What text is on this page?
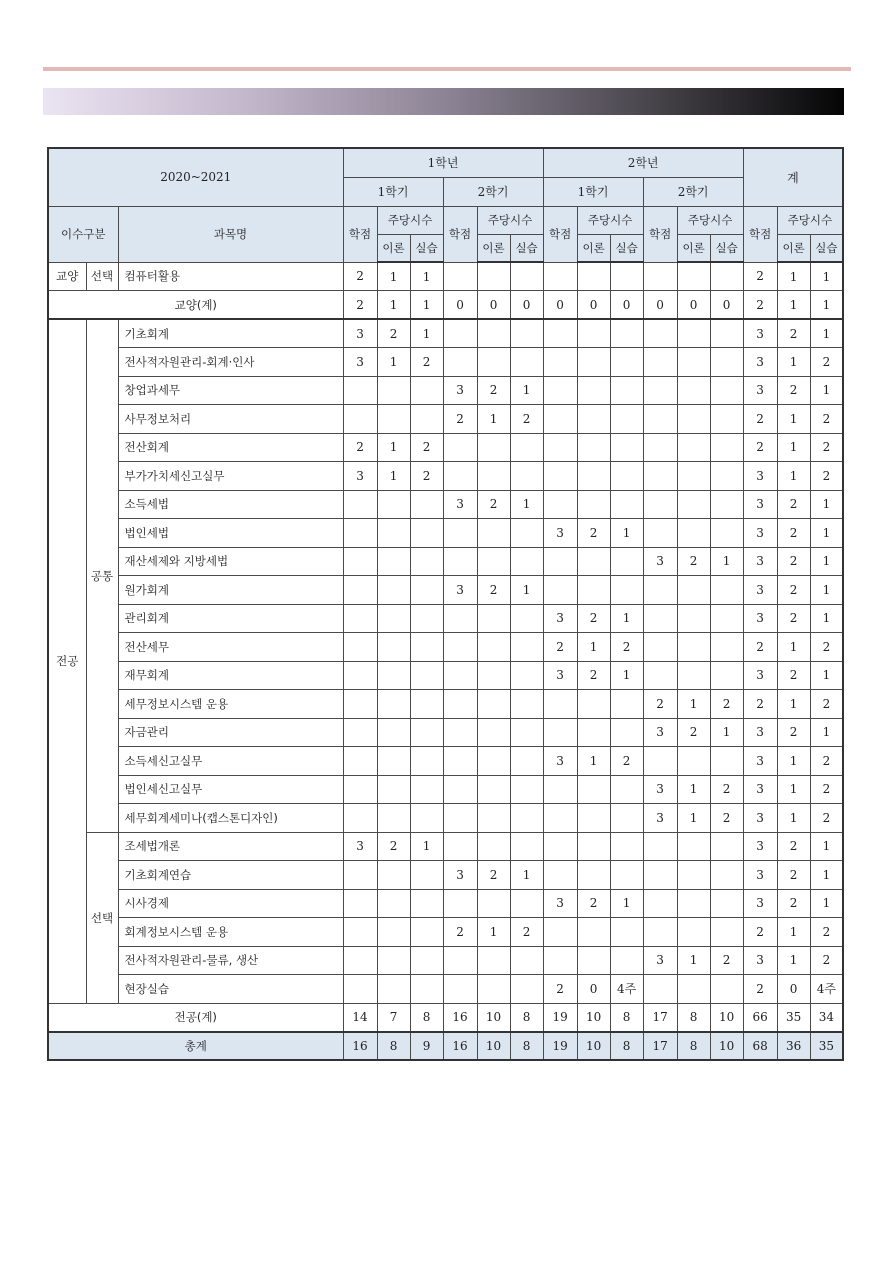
2020~2021			1학년						2학년						계		
			1학기			2학기			1학기			2학기					
이수구분		과목명	학점	주당시수		학점	주당시수		학점	주당시수		학점	주당시수		학점	주당시수	
				이론	실습		이론	실습		이론	실습		이론	실습		이론	실습
교양	선택	컴퓨터활용	2	1	1										2	1	1
교양(계)			2	1	1	0	0	0	0	0	0	0	0	0	2	1	1
전공	공통	기초회계	3	2	1										3	2	1
		전사적자원관리-회계·인사	3	1	2										3	1	2
		창업과세무				3	2	1							3	2	1
		사무정보처리				2	1	2							2	1	2
		전산회계	2	1	2										2	1	2
		부가가치세신고실무	3	1	2										3	1	2
		소득세법				3	2	1							3	2	1
		법인세법							3	2	1				3	2	1
		재산세제와 지방세법										3	2	1	3	2	1
		원가회계				3	2	1							3	2	1
		관리회계							3	2	1				3	2	1
		전산세무							2	1	2				2	1	2
		재무회계							3	2	1				3	2	1
		세무정보시스템 운용										2	1	2	2	1	2
		자금관리										3	2	1	3	2	1
		소득세신고실무							3	1	2				3	1	2
		법인세신고실무										3	1	2	3	1	2
		세무회계세미나(캡스톤디자인)										3	1	2	3	1	2
	선택	조세법개론	3	2	1										3	2	1
		기초회계연습				3	2	1							3	2	1
		시사경제							3	2	1				3	2	1
		회계정보시스템 운용				2	1	2							2	1	2
		전사적자원관리-물류, 생산										3	1	2	3	1	2
		현장실습							2	0	4주				2	0	4주
전공(계)			14	7	8	16	10	8	19	10	8	17	8	10	66	35	34
총계			16	8	9	16	10	8	19	10	8	17	8	10	68	36	35
